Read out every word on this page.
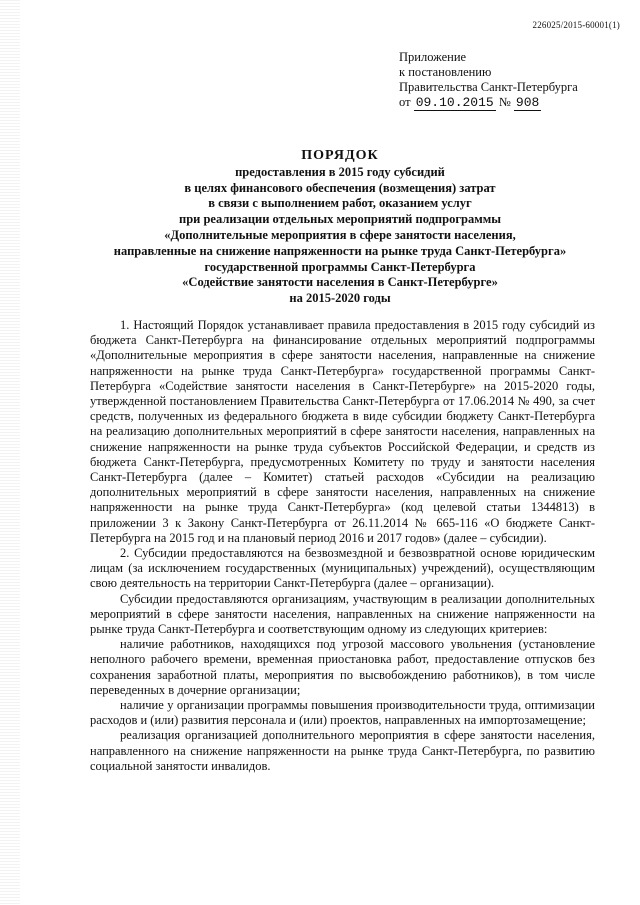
226025/2015-60001(1)
Приложение
к постановлению
Правительства Санкт-Петербурга
от 09.10.2015 № 908
ПОРЯДОК
предоставления в 2015 году субсидий
в целях финансового обеспечения (возмещения) затрат
в связи с выполнением работ, оказанием услуг
при реализации отдельных мероприятий подпрограммы
«Дополнительные мероприятия в сфере занятости населения,
направленные на снижение напряженности на рынке труда Санкт-Петербурга»
государственной программы Санкт-Петербурга
«Содействие занятости населения в Санкт-Петербурге»
на 2015-2020 годы

1. Настоящий Порядок устанавливает правила предоставления в 2015 году субсидий из бюджета Санкт-Петербурга на финансирование отдельных мероприятий подпрограммы «Дополнительные мероприятия в сфере занятости населения, направленные на снижение напряженности на рынке труда Санкт-Петербурга» государственной программы Санкт-Петербурга «Содействие занятости населения в Санкт-Петербурге» на 2015-2020 годы, утвержденной постановлением Правительства Санкт-Петербурга от 17.06.2014 № 490, за счет средств, полученных из федерального бюджета в виде субсидии бюджету Санкт-Петербурга на реализацию дополнительных мероприятий в сфере занятости населения, направленных на снижение напряженности на рынке труда субъектов Российской Федерации, и средств из бюджета Санкт-Петербурга, предусмотренных Комитету по труду и занятости населения Санкт-Петербурга (далее – Комитет) статьей расходов «Субсидии на реализацию дополнительных мероприятий в сфере занятости населения, направленных на снижение напряженности на рынке труда Санкт-Петербурга» (код целевой статьи 1344813) в приложении 3 к Закону Санкт-Петербурга от 26.11.2014 № 665-116 «О бюджете Санкт-Петербурга на 2015 год и на плановый период 2016 и 2017 годов» (далее – субсидии).

2. Субсидии предоставляются на безвозмездной и безвозвратной основе юридическим лицам (за исключением государственных (муниципальных) учреждений), осуществляющим свою деятельность на территории Санкт-Петербурга (далее – организации).

Субсидии предоставляются организациям, участвующим в реализации дополнительных мероприятий в сфере занятости населения, направленных на снижение напряженности на рынке труда Санкт-Петербурга и соответствующим одному из следующих критериев:

наличие работников, находящихся под угрозой массового увольнения (установление неполного рабочего времени, временная приостановка работ, предоставление отпусков без сохранения заработной платы, мероприятия по высвобождению работников), в том числе переведенных в дочерние организации;

наличие у организации программы повышения производительности труда, оптимизации расходов и (или) развития персонала и (или) проектов, направленных на импортозамещение;

реализация организацией дополнительного мероприятия в сфере занятости населения, направленного на снижение напряженности на рынке труда Санкт-Петербурга, по развитию социальной занятости инвалидов.
